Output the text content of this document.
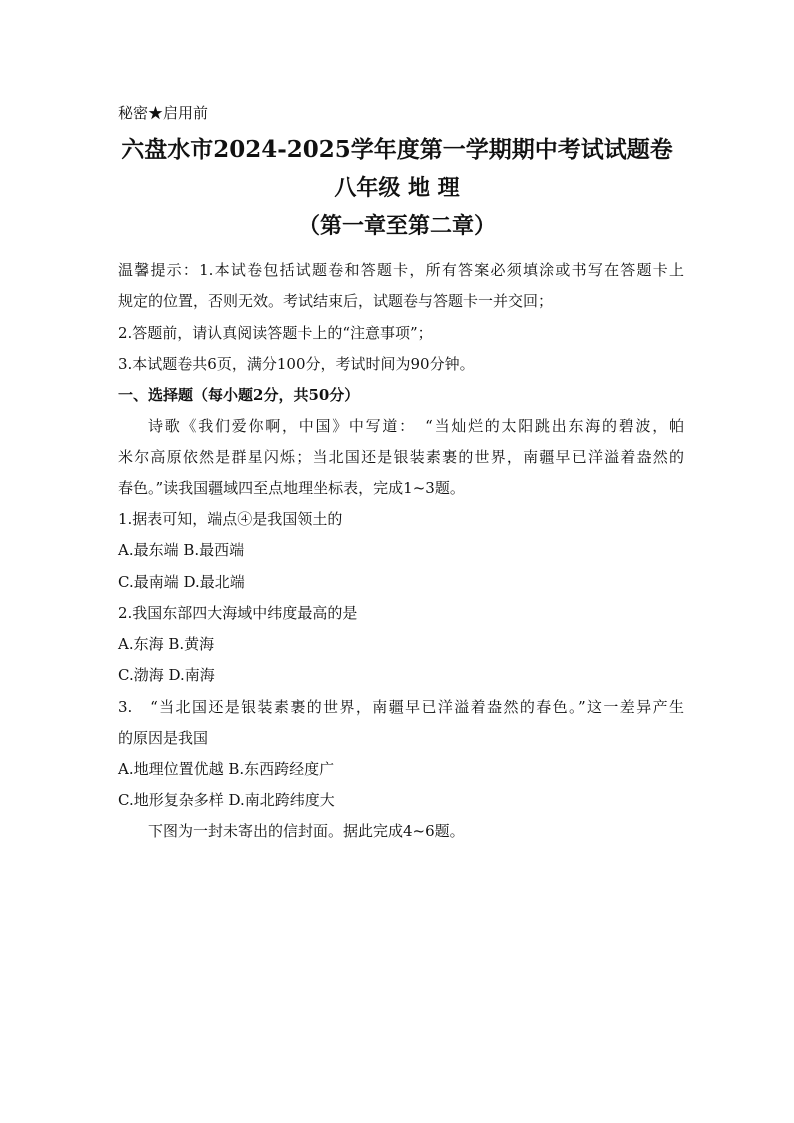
秘密★启用前
六盘水市2024-2025学年度第一学期期中考试试题卷
八年级 地 理
（第一章至第二章）
温馨提示：1.本试卷包括试题卷和答题卡，所有答案必须填涂或书写在答题卡上
规定的位置，否则无效。考试结束后，试题卷与答题卡一并交回；
2.答题前，请认真阅读答题卡上的“注意事项”；
3.本试题卷共6页，满分100分，考试时间为90分钟。
一、选择题（每小题2分，共50分）
诗歌《我们爱你啊，中国》中写道：　“当灿烂的太阳跳出东海的碧波，帕
米尔高原依然是群星闪烁；当北国还是银装素裹的世界，南疆早已洋溢着盎然的
春色。”读我国疆域四至点地理坐标表，完成1~3题。
1.据表可知，端点④是我国领土的
A.最东端 B.最西端
C.最南端 D.最北端
2.我国东部四大海域中纬度最高的是
A.东海 B.黄海
C.渤海 D.南海
3.　“当北国还是银装素裹的世界，南疆早已洋溢着盎然的春色。”这一差异产生
的原因是我国
A.地理位置优越 B.东西跨经度广
C.地形复杂多样 D.南北跨纬度大
下图为一封未寄出的信封面。据此完成4~6题。
